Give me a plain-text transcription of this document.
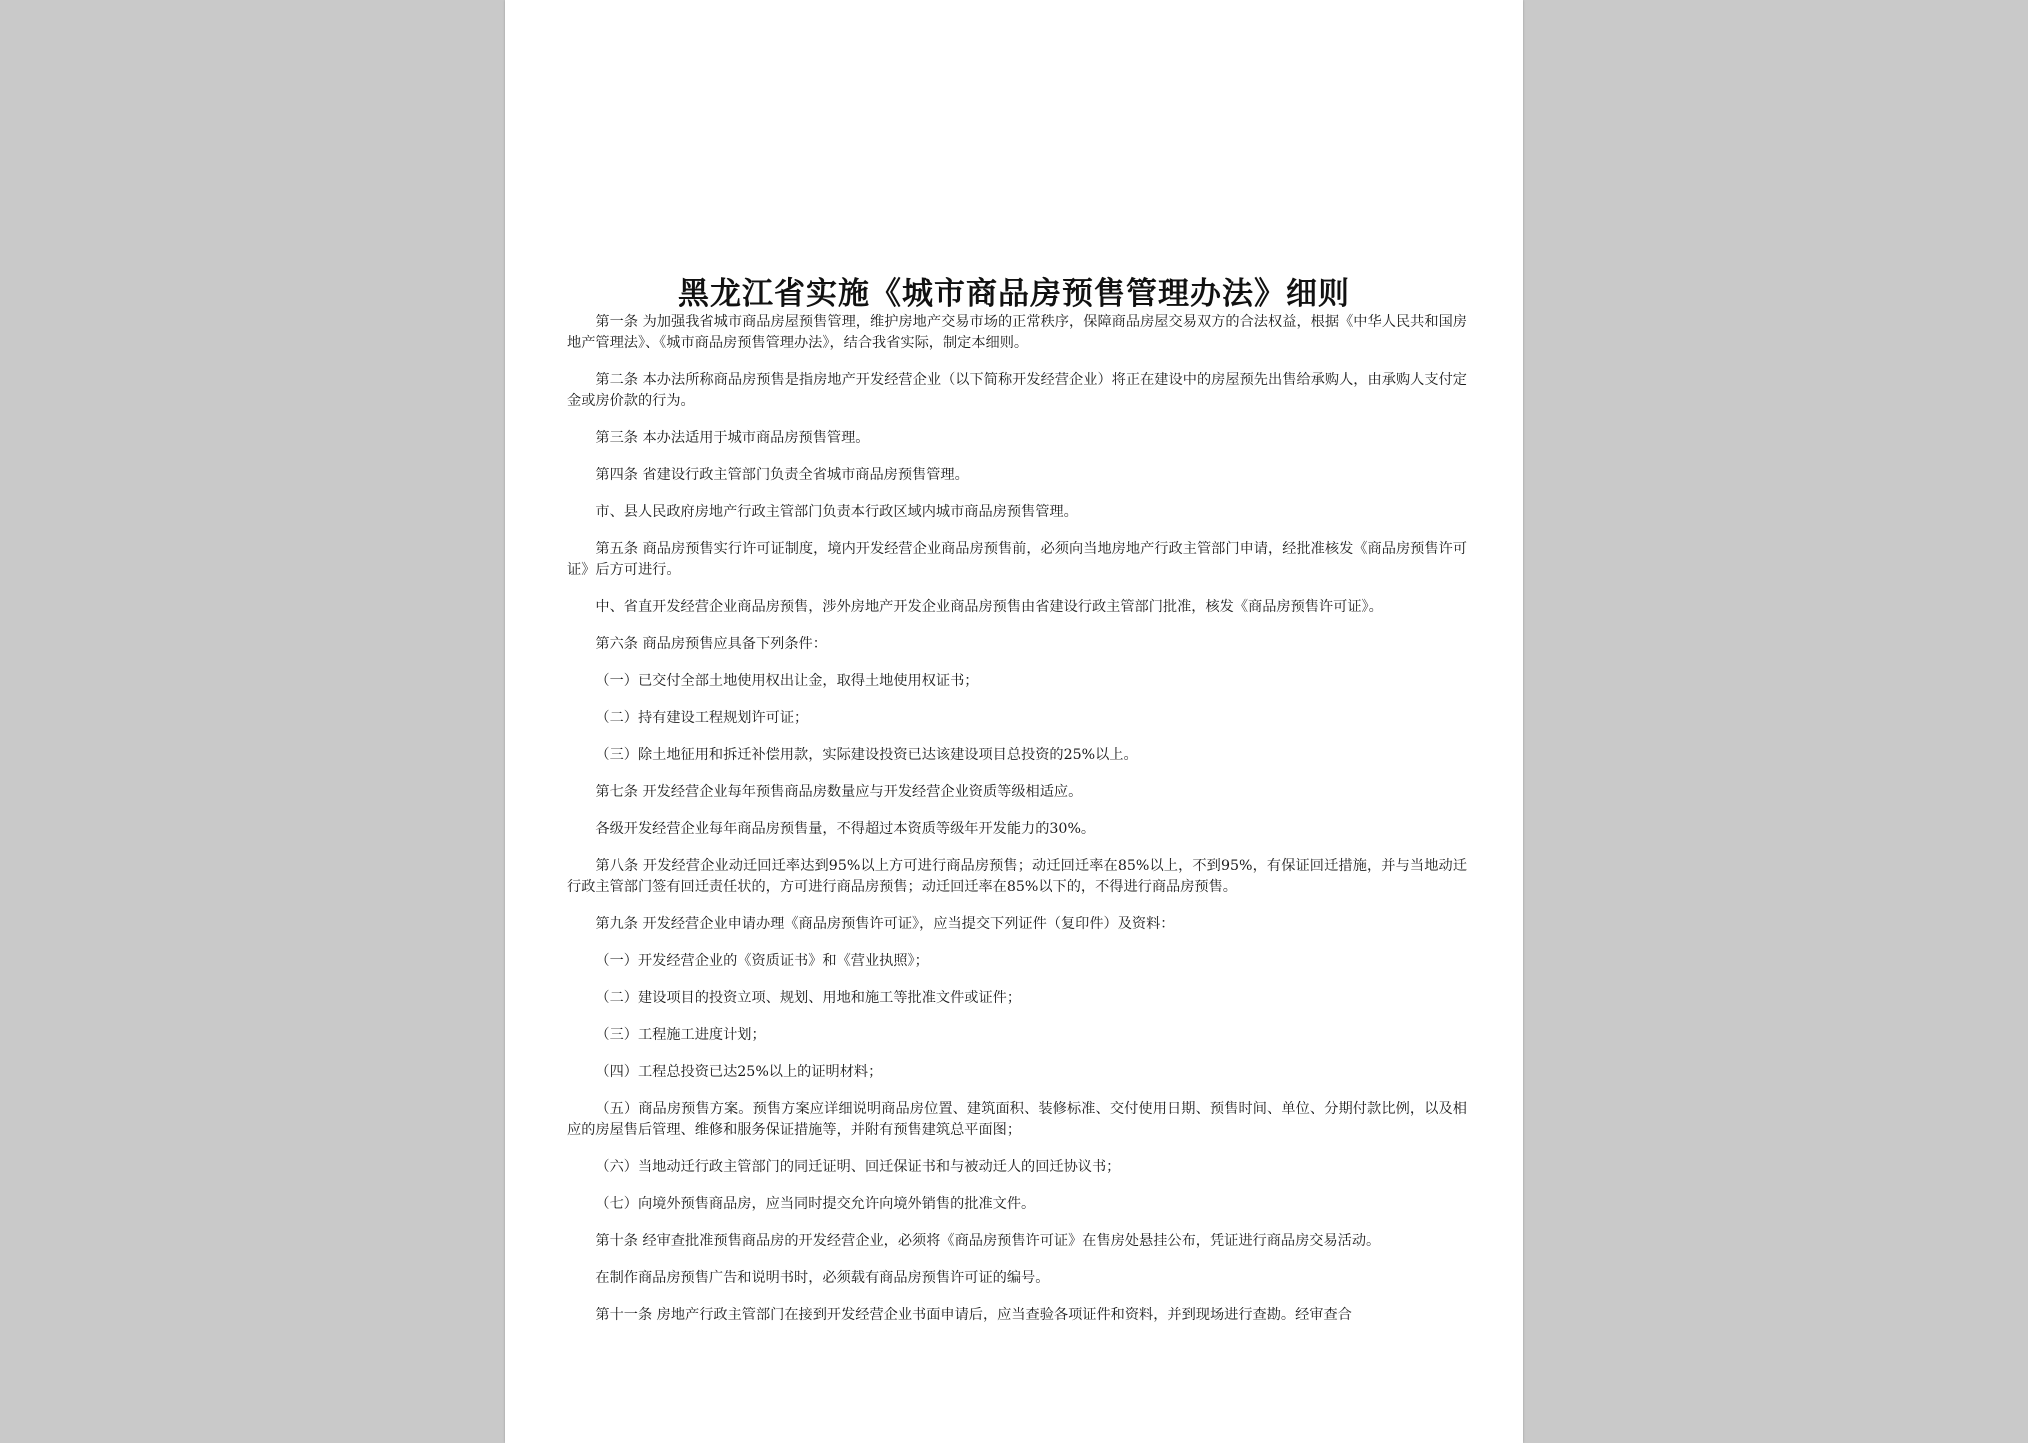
黑龙江省实施《城市商品房预售管理办法》细则

第一条 为加强我省城市商品房屋预售管理，维护房地产交易市场的正常秩序，保障商品房屋交易双方的合法权益，根据《中华人民共和国房地产管理法》、《城市商品房预售管理办法》，结合我省实际，制定本细则。

第二条 本办法所称商品房预售是指房地产开发经营企业（以下简称开发经营企业）将正在建设中的房屋预先出售给承购人，由承购人支付定金或房价款的行为。

第三条 本办法适用于城市商品房预售管理。

第四条 省建设行政主管部门负责全省城市商品房预售管理。

市、县人民政府房地产行政主管部门负责本行政区域内城市商品房预售管理。

第五条 商品房预售实行许可证制度，境内开发经营企业商品房预售前，必须向当地房地产行政主管部门申请，经批准核发《商品房预售许可证》后方可进行。

中、省直开发经营企业商品房预售，涉外房地产开发企业商品房预售由省建设行政主管部门批准，核发《商品房预售许可证》。

第六条 商品房预售应具备下列条件：

（一）已交付全部土地使用权出让金，取得土地使用权证书；

（二）持有建设工程规划许可证；

（三）除土地征用和拆迁补偿用款，实际建设投资已达该建设项目总投资的25%以上。

第七条 开发经营企业每年预售商品房数量应与开发经营企业资质等级相适应。

各级开发经营企业每年商品房预售量，不得超过本资质等级年开发能力的30%。

第八条 开发经营企业动迁回迁率达到95%以上方可进行商品房预售；动迁回迁率在85%以上，不到95%，有保证回迁措施，并与当地动迁行政主管部门签有回迁责任状的，方可进行商品房预售；动迁回迁率在85%以下的，不得进行商品房预售。

第九条 开发经营企业申请办理《商品房预售许可证》，应当提交下列证件（复印件）及资料：

（一）开发经营企业的《资质证书》和《营业执照》；

（二）建设项目的投资立项、规划、用地和施工等批准文件或证件；

（三）工程施工进度计划；

（四）工程总投资已达25%以上的证明材料；

（五）商品房预售方案。预售方案应详细说明商品房位置、建筑面积、装修标准、交付使用日期、预售时间、单位、分期付款比例，以及相应的房屋售后管理、维修和服务保证措施等，并附有预售建筑总平面图；

（六）当地动迁行政主管部门的同迁证明、回迁保证书和与被动迁人的回迁协议书；

（七）向境外预售商品房，应当同时提交允许向境外销售的批准文件。

第十条 经审查批准预售商品房的开发经营企业，必须将《商品房预售许可证》在售房处悬挂公布，凭证进行商品房交易活动。

在制作商品房预售广告和说明书时，必须载有商品房预售许可证的编号。

第十一条 房地产行政主管部门在接到开发经营企业书面申请后，应当查验各项证件和资料，并到现场进行查勘。经审查合
